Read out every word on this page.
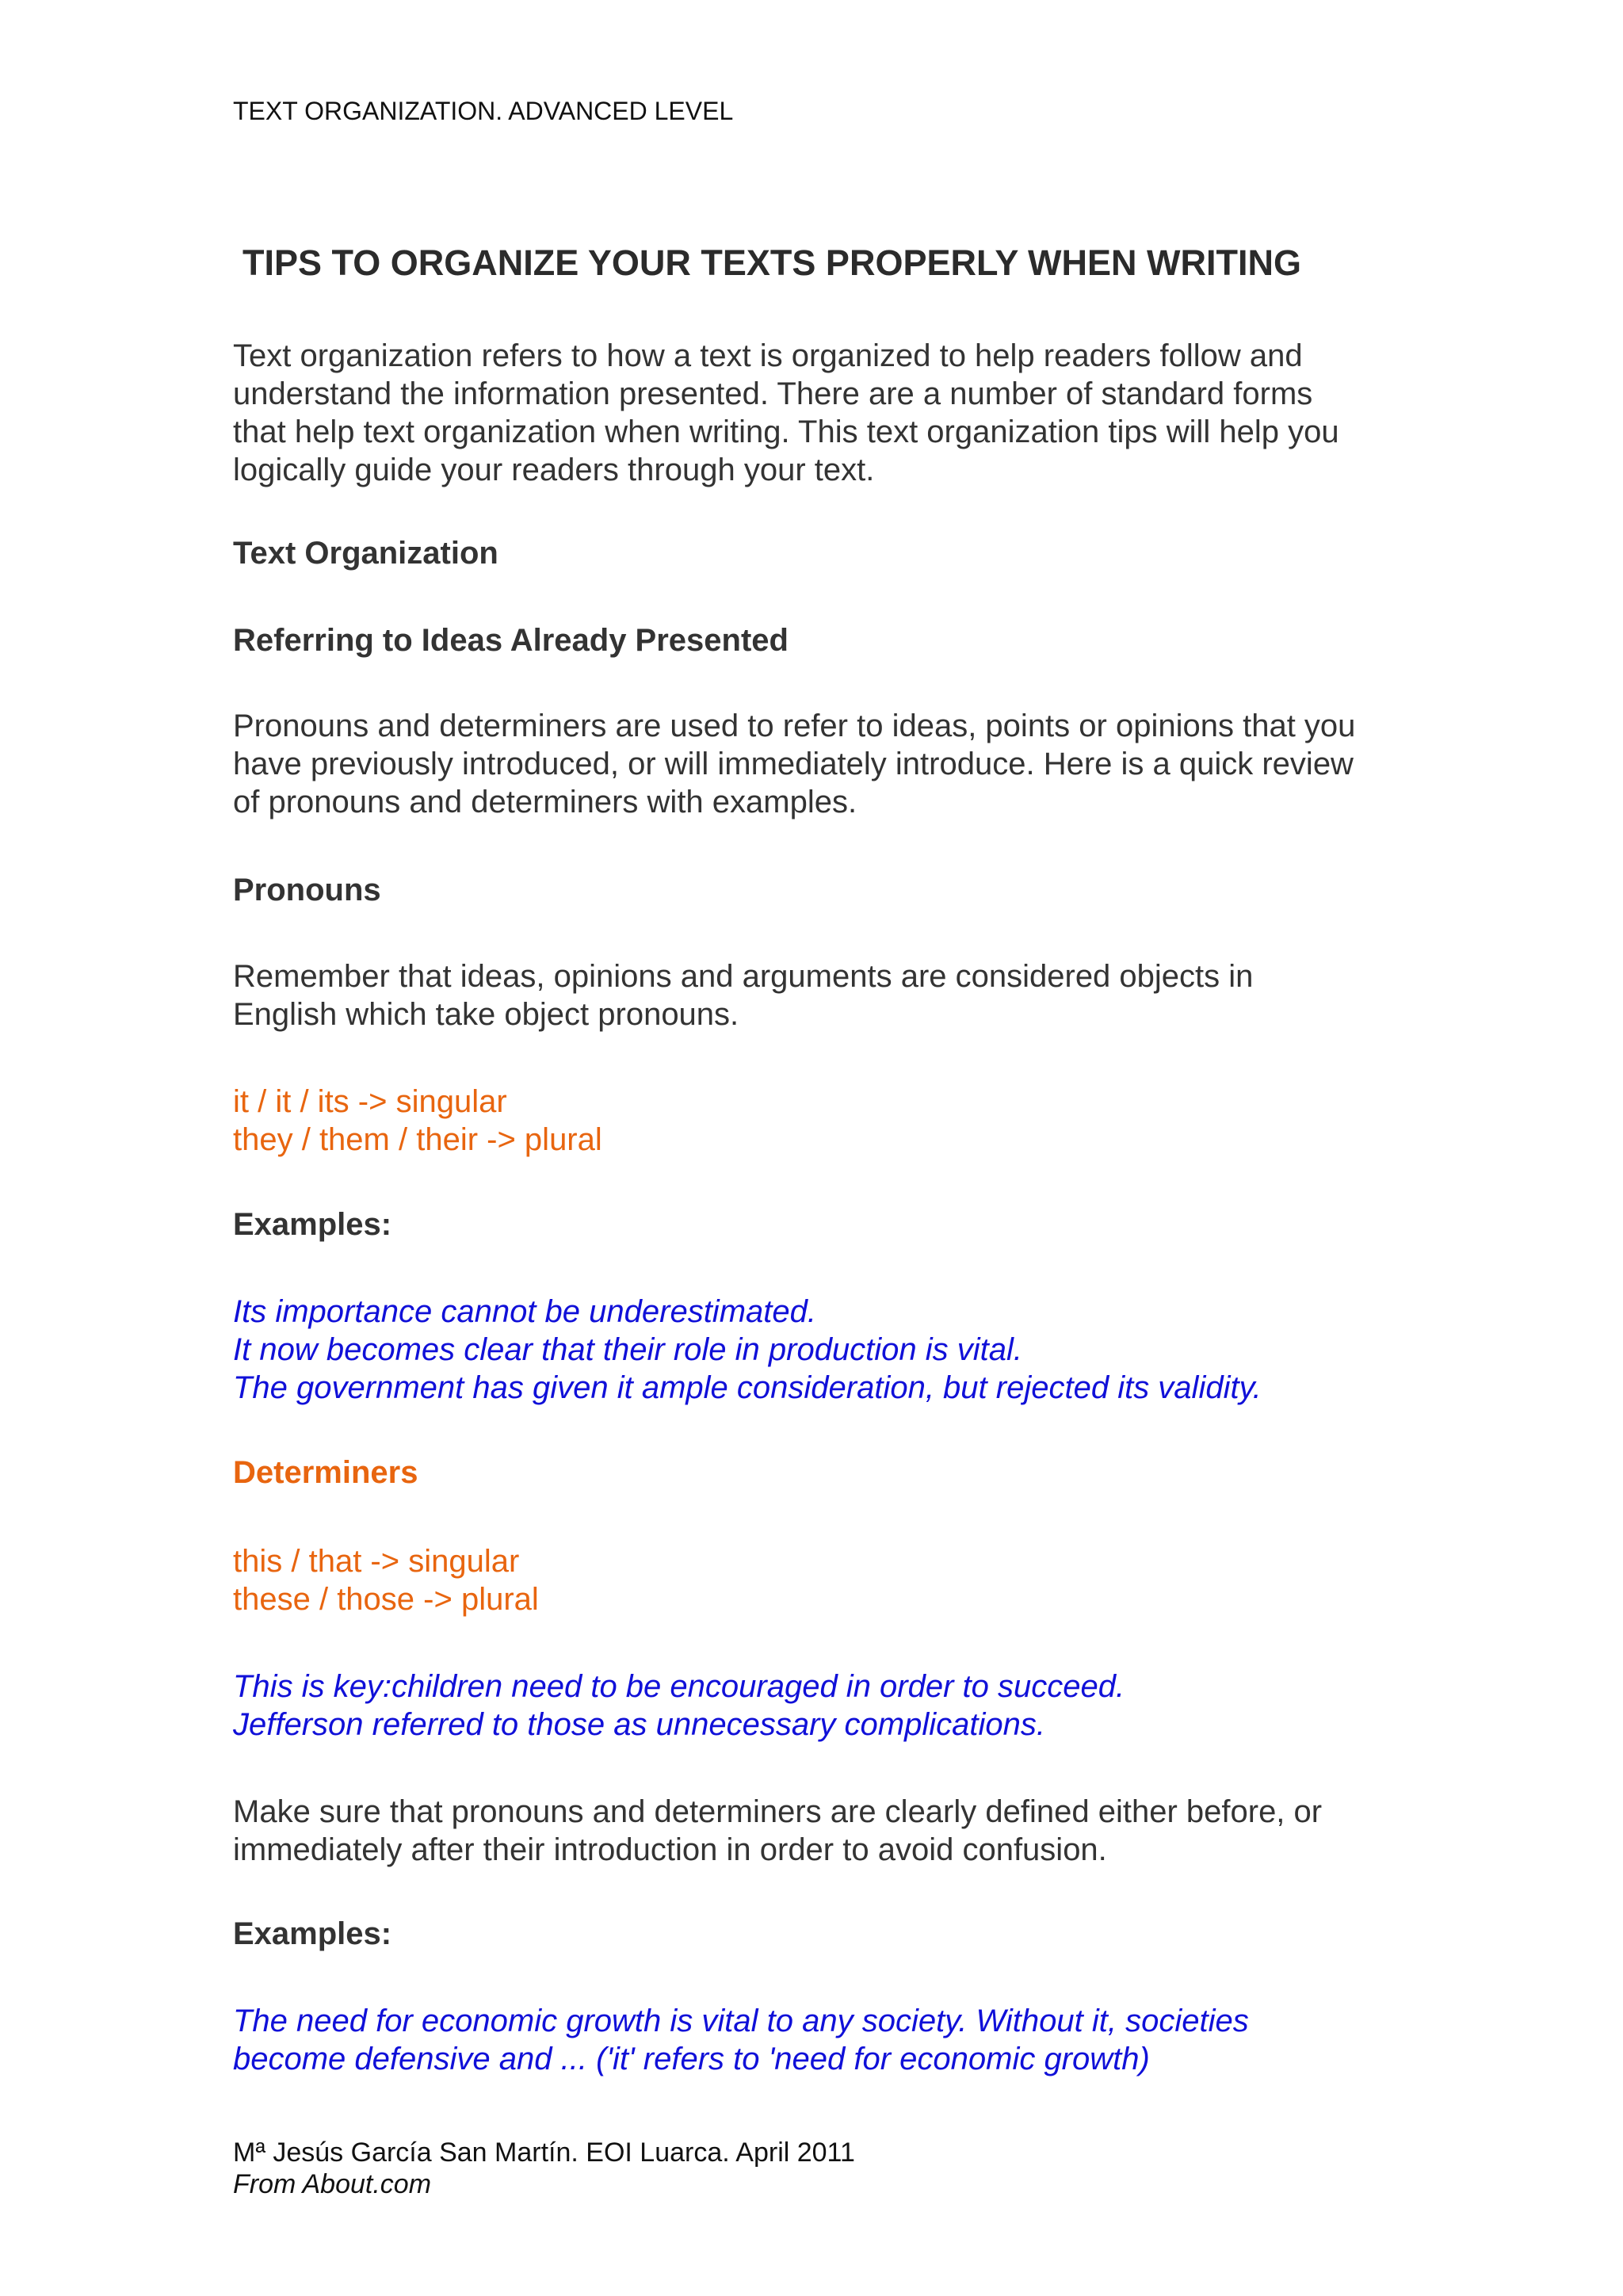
TEXT ORGANIZATION. ADVANCED LEVEL

TIPS TO ORGANIZE YOUR TEXTS PROPERLY WHEN WRITING
Text organization refers to how a text is organized to help readers follow and
understand the information presented. There are a number of standard forms
that help text organization when writing. This text organization tips will help you
logically guide your readers through your text.
Text Organization
Referring to Ideas Already Presented
Pronouns and determiners are used to refer to ideas, points or opinions that you
have previously introduced, or will immediately introduce. Here is a quick review
of pronouns and determiners with examples.
Pronouns
Remember that ideas, opinions and arguments are considered objects in
English which take object pronouns.
it / it / its -> singular
they / them / their -> plural
Examples:
Its importance cannot be underestimated.
It now becomes clear that their role in production is vital.
The government has given it ample consideration, but rejected its validity.
Determiners
this / that -> singular
these / those -> plural
This is key:children need to be encouraged in order to succeed.
Jefferson referred to those as unnecessary complications.
Make sure that pronouns and determiners are clearly defined either before, or
immediately after their introduction in order to avoid confusion.
Examples:
The need for economic growth is vital to any society. Without it, societies
become defensive and ... ('it' refers to 'need for economic growth)
Mª Jesús García San Martín. EOI Luarca. April 2011
From About.com
